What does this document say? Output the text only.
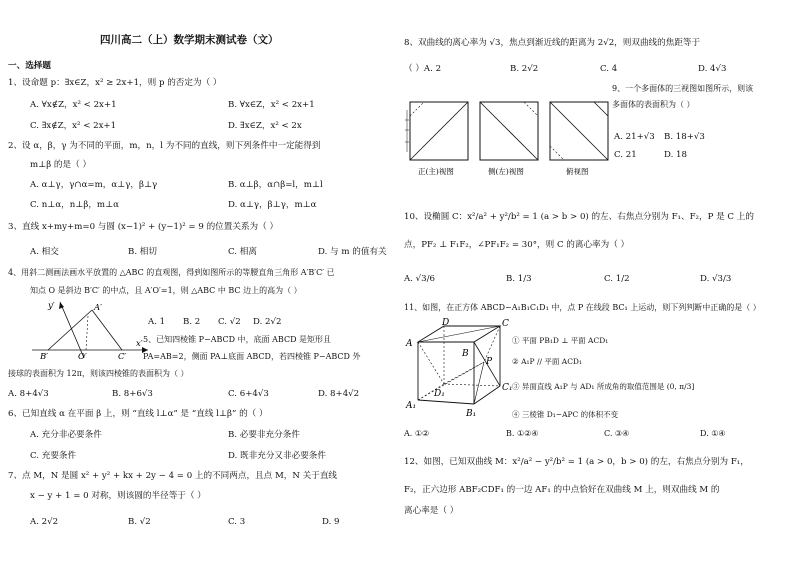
四川高二（上）数学期末测试卷（文）
一、选择题
1、设命题 p：∃x∈Z，x² ≥ 2x+1，则 p 的否定为（ ）
A. ∀x∉Z，x² < 2x+1	B. ∀x∈Z，x² < 2x+1
C. ∃x∉Z，x² < 2x+1	D. ∃x∈Z，x² < 2x
2、设 α，β，γ 为不同的平面，m，n，l 为不同的直线，则下列条件中一定能得到
m⊥β 的是（ ）
A. α⊥γ，γ∩α=m，α⊥γ，β⊥γ	B. α⊥β，α∩β=l，m⊥l
C. n⊥α，n⊥β，m⊥α	D. α⊥γ，β⊥γ，m⊥α
3、直线 x+my+m=0 与圆 (x−1)² + (y−1)² = 9 的位置关系为（ ）
A. 相交	B. 相切	C. 相离	D. 与 m 的值有关
4、用斜二测画法画水平放置的 △ABC 的直观图，得到如图所示的等腰直角三角形 A′B′C′ 已
知点 O 是斜边 B′C′ 的中点，且 A′O′=1，则 △ABC 中 BC 边上的高为（ ）
y′	A′
B′	O′	C′
x′
A. 1 B. 2 C. √2 D. 2√2
5、已知四棱锥 P−ABCD 中，底面 ABCD 是矩形且
PA=AB=2，侧面 PA⊥底面 ABCD，若四棱锥 P−ABCD 外
接球的表面积为 12π，则该四棱锥的表面积为（ ）
A. 8+4√3	B. 8+6√3	C. 6+4√3	D. 8+4√2
6、已知直线 α 在平面 β 上，则 “直线 l⊥α” 是 “直线 l⊥β” 的（ ）
A. 充分非必要条件	B. 必要非充分条件
C. 充要条件	D. 既非充分又非必要条件
7、点 M，N 是圆 x² + y² + kx + 2y − 4 = 0 上的不同两点，且点 M，N 关于直线
x − y + 1 = 0 对称，则该圆的半径等于（ ）
A. 2√2	B. √2	C. 3	D. 9
8、双曲线的离心率为 √3，焦点到渐近线的距离为 2√2，则双曲线的焦距等于
（ ）A. 2	B. 2√2	C. 4	D. 4√3
9、一个多面体的三视图如图所示，则该
多面体的表面积为（ ）
正(主)视图	侧(左)视图	俯视图
A. 21+√3 B. 18+√3
C. 21	D. 18
10、设椭圆 C：x²/a² + y²/b² = 1 (a > b > 0) 的左、右焦点分别为 F₁、F₂，P 是 C 上的
点，PF₂ ⊥ F₁F₂，∠PF₁F₂ = 30°，则 C 的离心率为（ ）
A. √3/6	B. 1/3	C. 1/2	D. √3/3
11、如图，在正方体 ABCD−A₁B₁C₁D₁ 中，点 P 在线段 BC₁ 上运动，则下列判断中正确的是（ ）
D	C
A
B
P
D₁
C₁
A₁
B₁
① 平面 PB₁D ⊥ 平面 ACD₁
② A₁P // 平面 ACD₁
③ 异面直线 A₁P 与 AD₁ 所成角的取值范围是 (0, π/3]
④ 三棱锥 D₁−APC 的体积不变
A. ①②	B. ①②④	C. ③④	D. ①④
12、如图，已知双曲线 M：x²/a² − y²/b² = 1 (a > 0，b > 0) 的左，右焦点分别为 F₁，
F₂，正六边形 ABF₂CDF₁ 的一边 AF₁ 的中点恰好在双曲线 M 上，则双曲线 M 的
离心率是（ ）
